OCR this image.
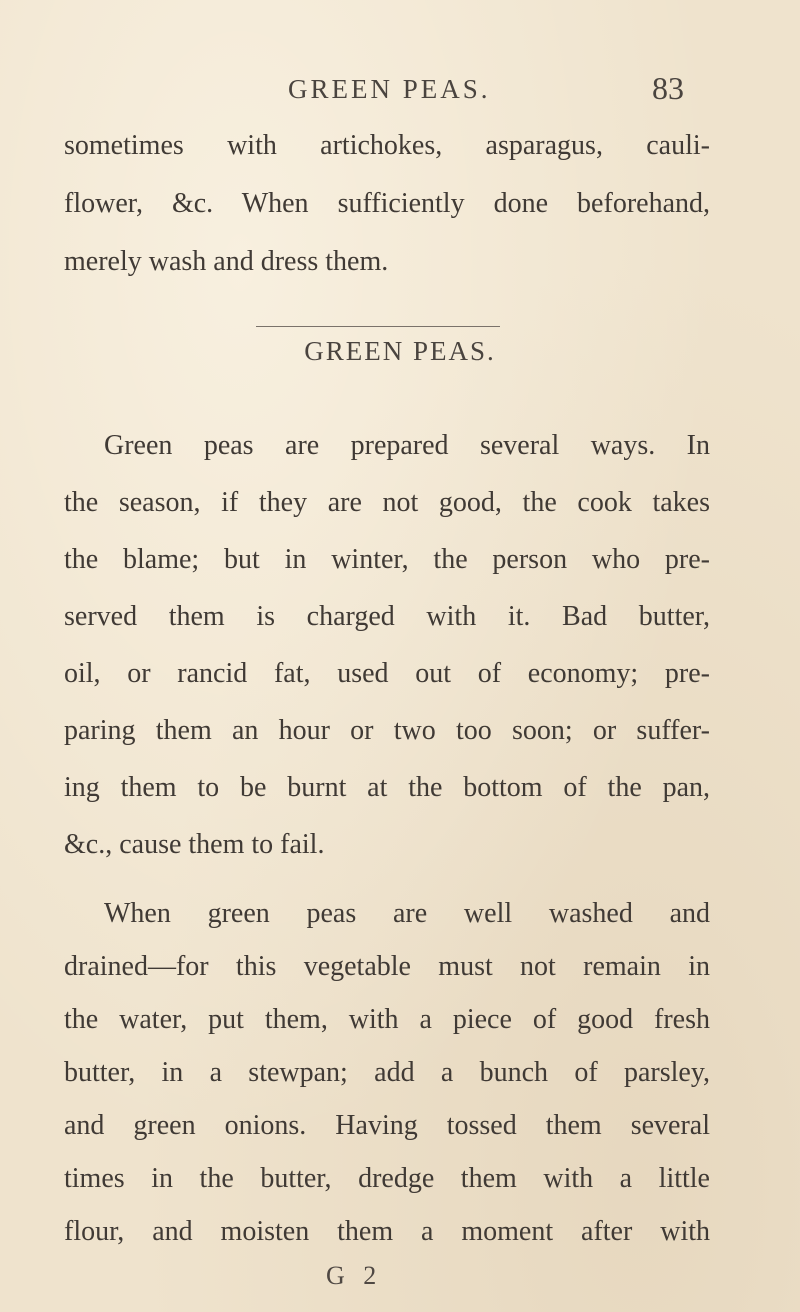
GREEN PEAS.	83
sometimes with artichokes, asparagus, cauli-
flower, &c. When sufficiently done beforehand,
merely wash and dress them.
GREEN PEAS.
Green peas are prepared several ways. In
the season, if they are not good, the cook takes
the blame; but in winter, the person who pre-
served them is charged with it. Bad butter,
oil, or rancid fat, used out of economy; pre-
paring them an hour or two too soon; or suffer-
ing them to be burnt at the bottom of the pan,
&c., cause them to fail.
When green peas are well washed and
drained—for this vegetable must not remain in
the water, put them, with a piece of good fresh
butter, in a stewpan; add a bunch of parsley,
and green onions. Having tossed them several
times in the butter, dredge them with a little
flour, and moisten them a moment after with
G 2
